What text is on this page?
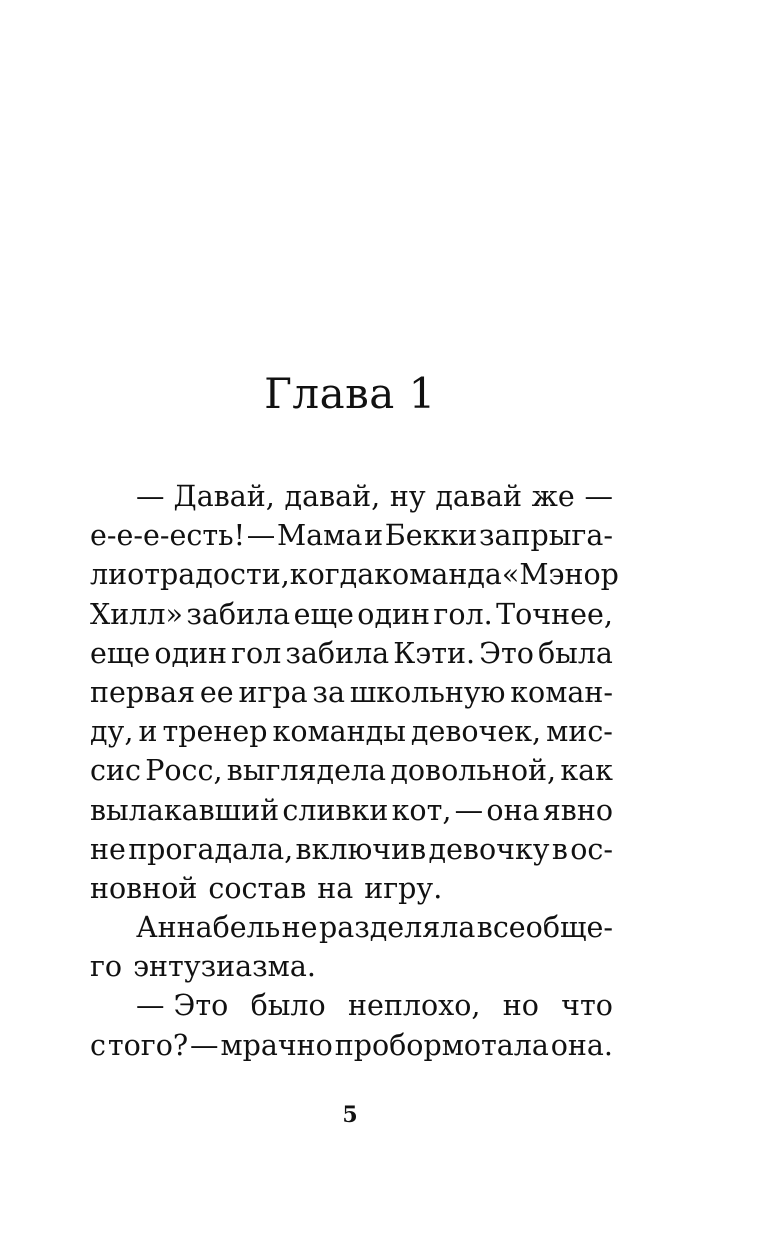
Глава 1
— Давай, давай, ну давай же —
е-е-е-есть! — Мама и Бекки запрыга-
ли от радости, когда команда «Мэнор
Хилл» забила еще один гол. Точнее,
еще один гол забила Кэти. Это была
первая ее игра за школьную коман-
ду, и тренер команды девочек, мис-
сис Росс, выглядела довольной, как
вылакавший сливки кот, — она явно
не прогадала, включив девочку в ос-
новной состав на игру.
Аннабель не разделяла всеобще-
го энтузиазма.
— Это было неплохо, но что
с того? — мрачно пробормотала она.
5
